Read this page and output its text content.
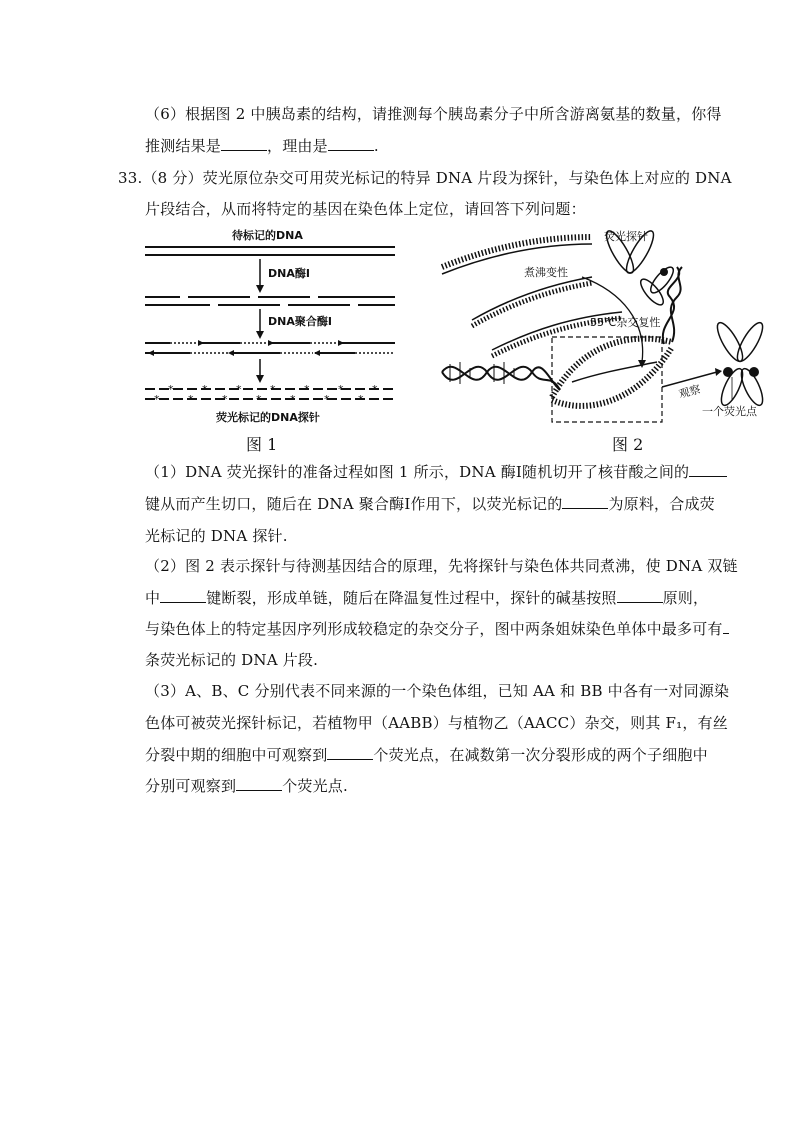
（6）根据图 2 中胰岛素的结构，请推测每个胰岛素分子中所含游离氨基的数量，你得
推测结果是	，理由是	.
33.（8 分）荧光原位杂交可用荧光标记的特异 DNA 片段为探针，与染色体上对应的 DNA
片段结合，从而将特定的基因在染色体上定位，请回答下列问题：
待标记的DNA
DNA酶Ⅰ
DNA聚合酶Ⅰ
*	*	*	*	*	*	*
*	*	*	*	*	*	*
荧光标记的DNA探针
图 1
荧光探针
煮沸变性
55℃杂交复性
观察
一个荧光点
图 2
（1）DNA 荧光探针的准备过程如图 1 所示，DNA 酶Ⅰ随机切开了核苷酸之间的
键从而产生切口，随后在 DNA 聚合酶Ⅰ作用下，以荧光标记的	为原料，合成荧
光标记的 DNA 探针.
（2）图 2 表示探针与待测基因结合的原理，先将探针与染色体共同煮沸，使 DNA 双链
中	键断裂，形成单链，随后在降温复性过程中，探针的碱基按照	原则，
与染色体上的特定基因序列形成较稳定的杂交分子，图中两条姐妹染色单体中最多可有
条荧光标记的 DNA 片段.
（3）A、B、C 分别代表不同来源的一个染色体组，已知 AA 和 BB 中各有一对同源染
色体可被荧光探针标记，若植物甲（AABB）与植物乙（AACC）杂交，则其 F₁，有丝
分裂中期的细胞中可观察到	个荧光点，在减数第一次分裂形成的两个子细胞中
分别可观察到	个荧光点.
